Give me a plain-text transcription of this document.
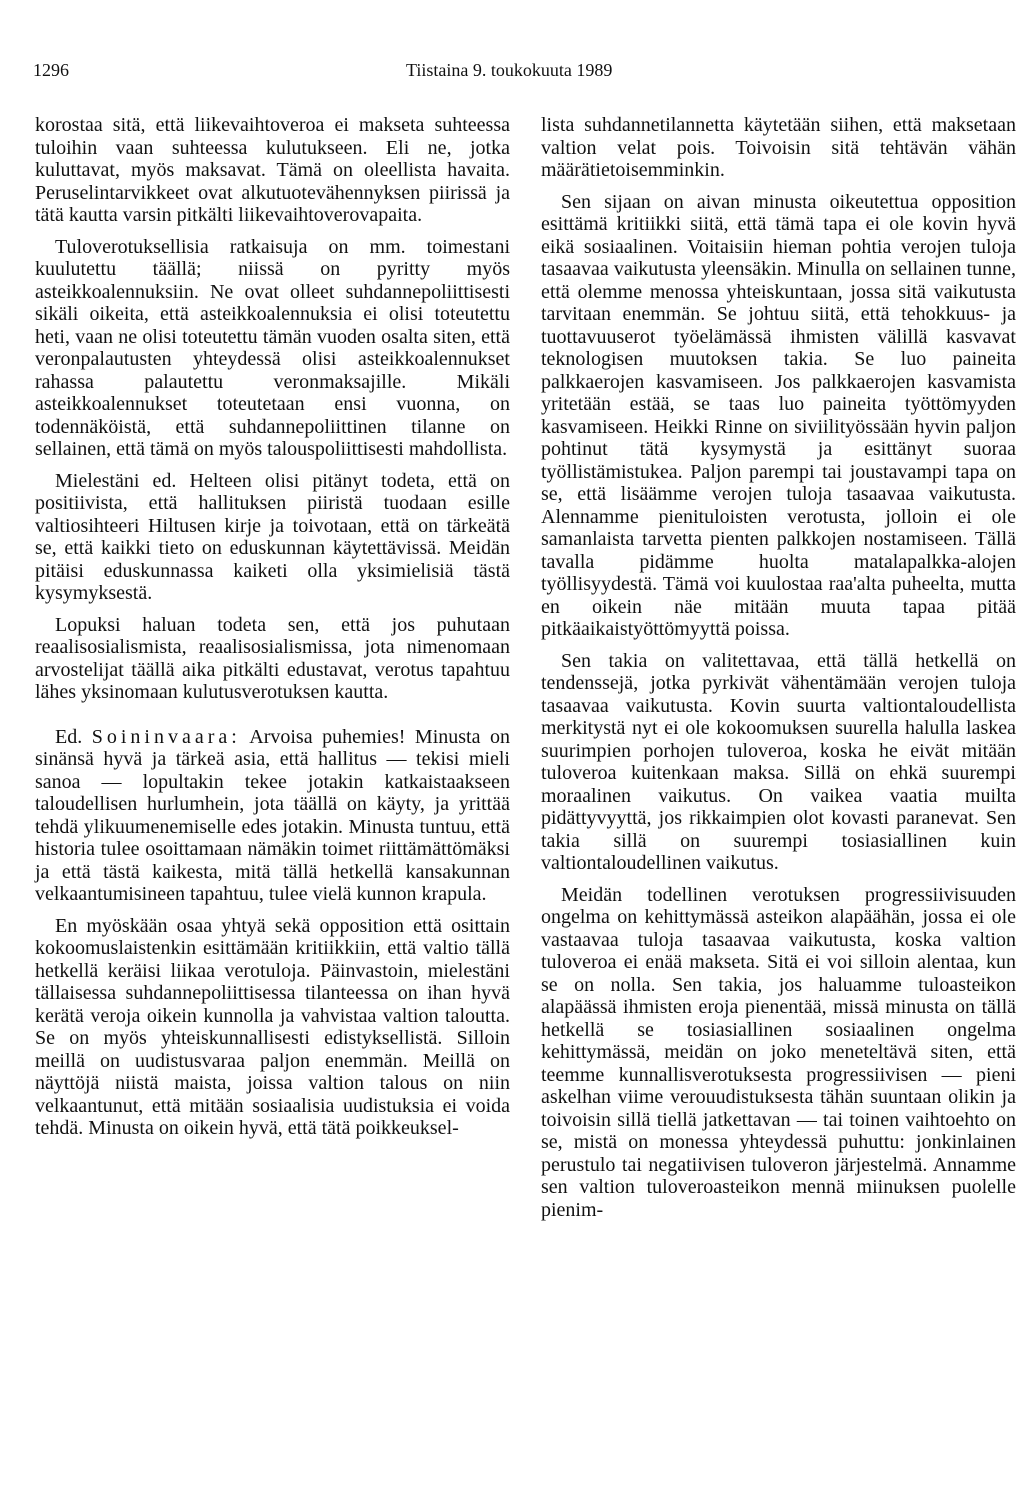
1296	Tiistaina 9. toukokuuta 1989

korostaa sitä, että liikevaihtoveroa ei makseta suhteessa tuloihin vaan suhteessa kulutukseen. Eli ne, jotka kuluttavat, myös maksavat. Tämä on oleellista havaita. Peruselintarvikkeet ovat alkutuotevähennyksen piirissä ja tätä kautta varsin pitkälti liikevaihtoverovapaita.

Tuloverotuksellisia ratkaisuja on mm. toimestani kuulutettu täällä; niissä on pyritty myös asteikkoalennuksiin. Ne ovat olleet suhdannepoliittisesti sikäli oikeita, että asteikkoalennuksia ei olisi toteutettu heti, vaan ne olisi toteutettu tämän vuoden osalta siten, että veronpalautusten yhteydessä olisi asteikkoalennukset rahassa palautettu veronmaksajille. Mikäli asteikkoalennukset toteutetaan ensi vuonna, on todennäköistä, että suhdannepoliittinen tilanne on sellainen, että tämä on myös talouspoliittisesti mahdollista.

Mielestäni ed. Helteen olisi pitänyt todeta, että on positiivista, että hallituksen piiristä tuodaan esille valtiosihteeri Hiltusen kirje ja toivotaan, että on tärkeätä se, että kaikki tieto on eduskunnan käytettävissä. Meidän pitäisi eduskunnassa kaiketi olla yksimielisiä tästä kysymyksestä.

Lopuksi haluan todeta sen, että jos puhutaan reaalisosialismista, reaalisosialismissa, jota nimenomaan arvostelijat täällä aika pitkälti edustavat, verotus tapahtuu lähes yksinomaan kulutusverotuksen kautta.

Ed. Soininvaara: Arvoisa puhemies! Minusta on sinänsä hyvä ja tärkeä asia, että hallitus — tekisi mieli sanoa — lopultakin tekee jotakin katkaistaakseen taloudellisen hurlumhein, jota täällä on käyty, ja yrittää tehdä ylikuumenemiselle edes jotakin. Minusta tuntuu, että historia tulee osoittamaan nämäkin toimet riittämättömäksi ja että tästä kaikesta, mitä tällä hetkellä kansakunnan velkaantumisineen tapahtuu, tulee vielä kunnon krapula.

En myöskään osaa yhtyä sekä opposition että osittain kokoomuslaistenkin esittämään kritiikkiin, että valtio tällä hetkellä keräisi liikaa verotuloja. Päinvastoin, mielestäni tällaisessa suhdannepoliittisessa tilanteessa on ihan hyvä kerätä veroja oikein kunnolla ja vahvistaa valtion taloutta. Se on myös yhteiskunnallisesti edistyksellistä. Silloin meillä on uudistusvaraa paljon enemmän. Meillä on näyttöjä niistä maista, joissa valtion talous on niin velkaantunut, että mitään sosiaalisia uudistuksia ei voida tehdä. Minusta on oikein hyvä, että tätä poikkeuksel-

lista suhdannetilannetta käytetään siihen, että maksetaan valtion velat pois. Toivoisin sitä tehtävän vähän määrätietoisemminkin.

Sen sijaan on aivan minusta oikeutettua opposition esittämä kritiikki siitä, että tämä tapa ei ole kovin hyvä eikä sosiaalinen. Voitaisiin hieman pohtia verojen tuloja tasaavaa vaikutusta yleensäkin. Minulla on sellainen tunne, että olemme menossa yhteiskuntaan, jossa sitä vaikutusta tarvitaan enemmän. Se johtuu siitä, että tehokkuus- ja tuottavuuserot työelämässä ihmisten välillä kasvavat teknologisen muutoksen takia. Se luo paineita palkkaerojen kasvamiseen. Jos palkkaerojen kasvamista yritetään estää, se taas luo paineita työttömyyden kasvamiseen. Heikki Rinne on siviilityössään hyvin paljon pohtinut tätä kysymystä ja esittänyt suoraa työllistämistukea. Paljon parempi tai joustavampi tapa on se, että lisäämme verojen tuloja tasaavaa vaikutusta. Alennamme pienituloisten verotusta, jolloin ei ole samanlaista tarvetta pienten palkkojen nostamiseen. Tällä tavalla pidämme huolta matalapalkka-alojen työllisyydestä. Tämä voi kuulostaa raa'alta puheelta, mutta en oikein näe mitään muuta tapaa pitää pitkäaikaistyöttömyyttä poissa.

Sen takia on valitettavaa, että tällä hetkellä on tendenssejä, jotka pyrkivät vähentämään verojen tuloja tasaavaa vaikutusta. Kovin suurta valtiontaloudellista merkitystä nyt ei ole kokoomuksen suurella halulla laskea suurimpien porhojen tuloveroa, koska he eivät mitään tuloveroa kuitenkaan maksa. Sillä on ehkä suurempi moraalinen vaikutus. On vaikea vaatia muilta pidättyvyyttä, jos rikkaimpien olot kovasti paranevat. Sen takia sillä on suurempi tosiasiallinen kuin valtiontaloudellinen vaikutus.

Meidän todellinen verotuksen progressiivisuuden ongelma on kehittymässä asteikon alapäähän, jossa ei ole vastaavaa tuloja tasaavaa vaikutusta, koska valtion tuloveroa ei enää makseta. Sitä ei voi silloin alentaa, kun se on nolla. Sen takia, jos haluamme tuloasteikon alapäässä ihmisten eroja pienentää, missä minusta on tällä hetkellä se tosiasiallinen sosiaalinen ongelma kehittymässä, meidän on joko meneteltävä siten, että teemme kunnallisverotuksesta progressiivisen — pieni askelhan viime verouudistuksesta tähän suuntaan olikin ja toivoisin sillä tiellä jatkettavan — tai toinen vaihtoehto on se, mistä on monessa yhteydessä puhuttu: jonkinlainen perustulo tai negatiivisen tuloveron järjestelmä. Annamme sen valtion tuloveroasteikon mennä miinuksen puolelle pienim-
